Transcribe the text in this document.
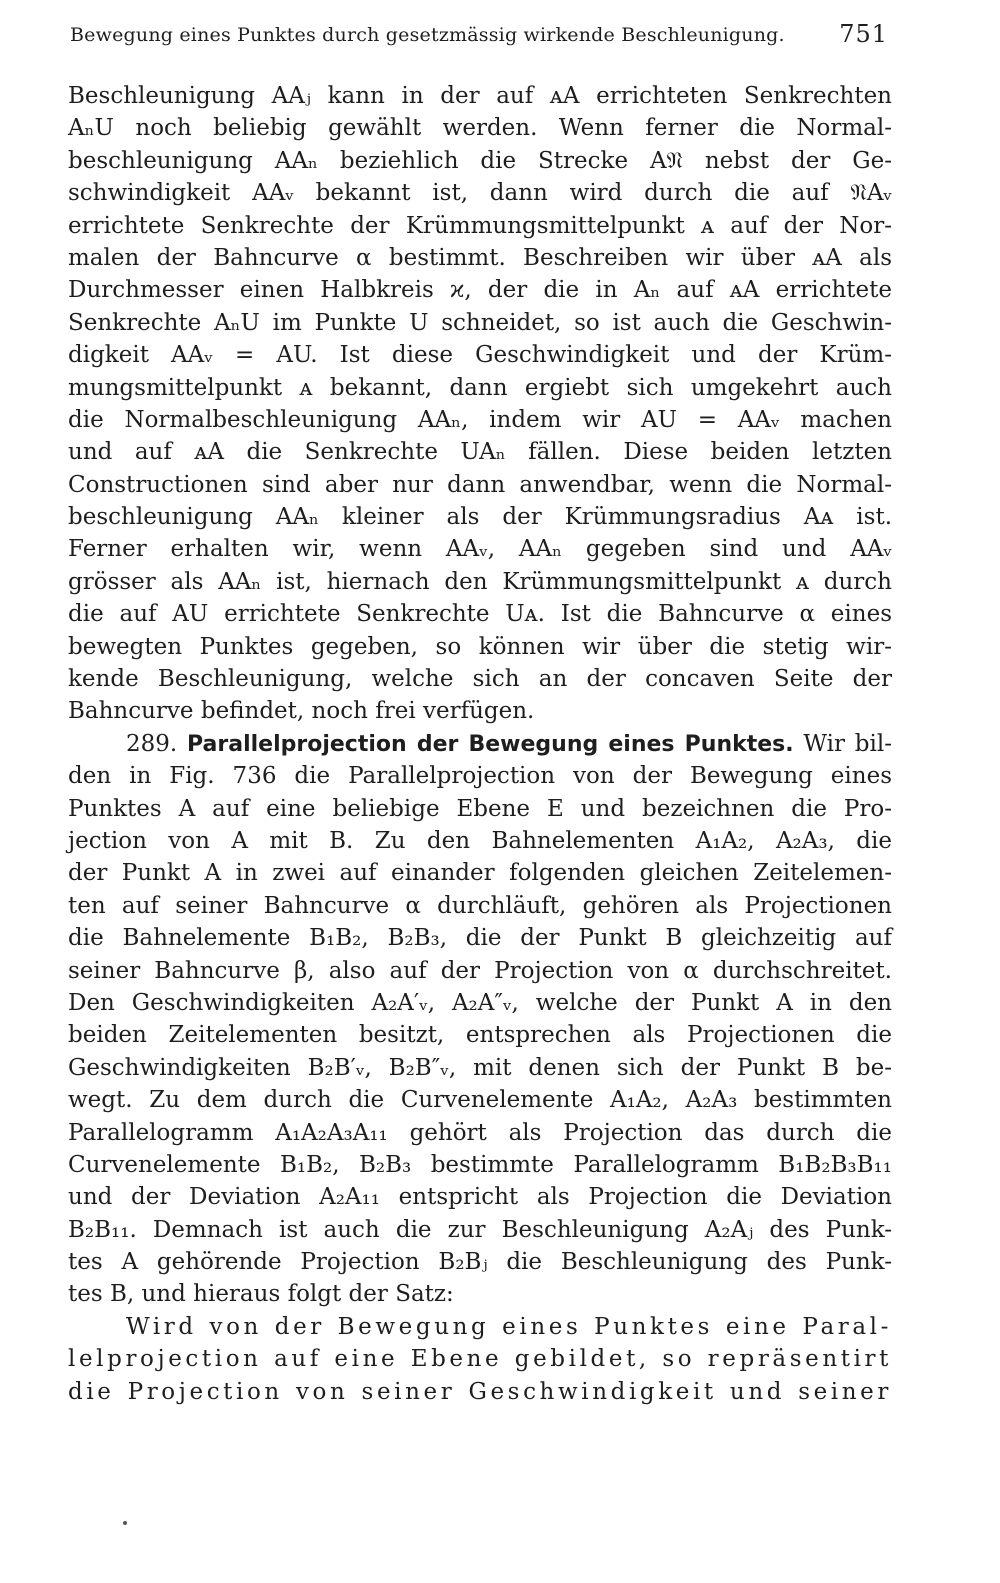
Bewegung eines Punktes durch gesetzmässig wirkende Beschleunigung. 751
Beschleunigung AAⱼ kann in der auf ᴀA errichteten Senkrechten
AₙU noch beliebig gewählt werden. Wenn ferner die Normal-
beschleunigung AAₙ beziehlich die Strecke A𝔑 nebst der Ge-
schwindigkeit AAᵥ bekannt ist, dann wird durch die auf 𝔑Aᵥ
errichtete Senkrechte der Krümmungsmittelpunkt ᴀ auf der Nor-
malen der Bahncurve α bestimmt. Beschreiben wir über ᴀA als
Durchmesser einen Halbkreis ϰ, der die in Aₙ auf ᴀA errichtete
Senkrechte AₙU im Punkte U schneidet, so ist auch die Geschwin-
digkeit AAᵥ = AU. Ist diese Geschwindigkeit und der Krüm-
mungsmittelpunkt ᴀ bekannt, dann ergiebt sich umgekehrt auch
die Normalbeschleunigung AAₙ, indem wir AU = AAᵥ machen
und auf ᴀA die Senkrechte UAₙ fällen. Diese beiden letzten
Constructionen sind aber nur dann anwendbar, wenn die Normal-
beschleunigung AAₙ kleiner als der Krümmungsradius Aᴀ ist.
Ferner erhalten wir, wenn AAᵥ, AAₙ gegeben sind und AAᵥ
grösser als AAₙ ist, hiernach den Krümmungsmittelpunkt ᴀ durch
die auf AU errichtete Senkrechte Uᴀ. Ist die Bahncurve α eines
bewegten Punktes gegeben, so können wir über die stetig wir-
kende Beschleunigung, welche sich an der concaven Seite der
Bahncurve befindet, noch frei verfügen.
289. Parallelprojection der Bewegung eines Punktes. Wir bil-
den in Fig. 736 die Parallelprojection von der Bewegung eines
Punktes A auf eine beliebige Ebene E und bezeichnen die Pro-
jection von A mit B. Zu den Bahnelementen A₁A₂, A₂A₃, die
der Punkt A in zwei auf einander folgenden gleichen Zeitelemen-
ten auf seiner Bahncurve α durchläuft, gehören als Projectionen
die Bahnelemente B₁B₂, B₂B₃, die der Punkt B gleichzeitig auf
seiner Bahncurve β, also auf der Projection von α durchschreitet.
Den Geschwindigkeiten A₂A′ᵥ, A₂A″ᵥ, welche der Punkt A in den
beiden Zeitelementen besitzt, entsprechen als Projectionen die
Geschwindigkeiten B₂B′ᵥ, B₂B″ᵥ, mit denen sich der Punkt B be-
wegt. Zu dem durch die Curvenelemente A₁A₂, A₂A₃ bestimmten
Parallelogramm A₁A₂A₃A₁₁ gehört als Projection das durch die
Curvenelemente B₁B₂, B₂B₃ bestimmte Parallelogramm B₁B₂B₃B₁₁
und der Deviation A₂A₁₁ entspricht als Projection die Deviation
B₂B₁₁. Demnach ist auch die zur Beschleunigung A₂Aⱼ des Punk-
tes A gehörende Projection B₂Bⱼ die Beschleunigung des Punk-
tes B, und hieraus folgt der Satz:
Wird von der Bewegung eines Punktes eine Paral-
lelprojection auf eine Ebene gebildet, so repräsentirt
die Projection von seiner Geschwindigkeit und seiner
